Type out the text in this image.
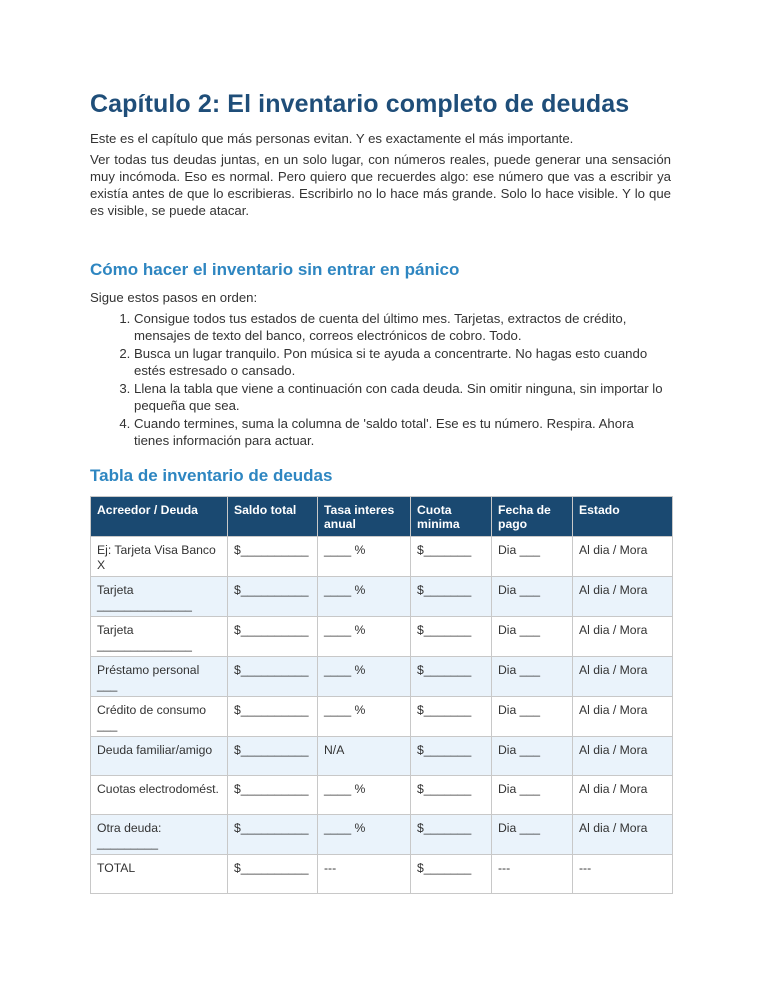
Capítulo 2: El inventario completo de deudas

Este es el capítulo que más personas evitan. Y es exactamente el más importante.

Ver todas tus deudas juntas, en un solo lugar, con números reales, puede generar una sensación muy incómoda. Eso es normal. Pero quiero que recuerdes algo: ese número que vas a escribir ya existía antes de que lo escribieras. Escribirlo no lo hace más grande. Solo lo hace visible. Y lo que es visible, se puede atacar.

Cómo hacer el inventario sin entrar en pánico

Sigue estos pasos en orden:

1. Consigue todos tus estados de cuenta del último mes. Tarjetas, extractos de crédito, mensajes de texto del banco, correos electrónicos de cobro. Todo.
2. Busca un lugar tranquilo. Pon música si te ayuda a concentrarte. No hagas esto cuando estés estresado o cansado.
3. Llena la tabla que viene a continuación con cada deuda. Sin omitir ninguna, sin importar lo pequeña que sea.
4. Cuando termines, suma la columna de 'saldo total'. Ese es tu número. Respira. Ahora tienes información para actuar.
Tabla de inventario de deudas
Acreedor / Deuda	Saldo total	Tasa interes anual	Cuota minima	Fecha de pago	Estado
Ej: Tarjeta Visa Banco X	$__________	____ %	$_______	Dia ___	Al dia / Mora
Tarjeta ______________	$__________	____ %	$_______	Dia ___	Al dia / Mora
Tarjeta ______________	$__________	____ %	$_______	Dia ___	Al dia / Mora
Préstamo personal ___	$__________	____ %	$_______	Dia ___	Al dia / Mora
Crédito de consumo ___	$__________	____ %	$_______	Dia ___	Al dia / Mora
Deuda familiar/amigo	$__________	N/A	$_______	Dia ___	Al dia / Mora
Cuotas electrodomést.	$__________	____ %	$_______	Dia ___	Al dia / Mora
Otra deuda: _________	$__________	____ %	$_______	Dia ___	Al dia / Mora
TOTAL	$__________	---	$_______	---	---
